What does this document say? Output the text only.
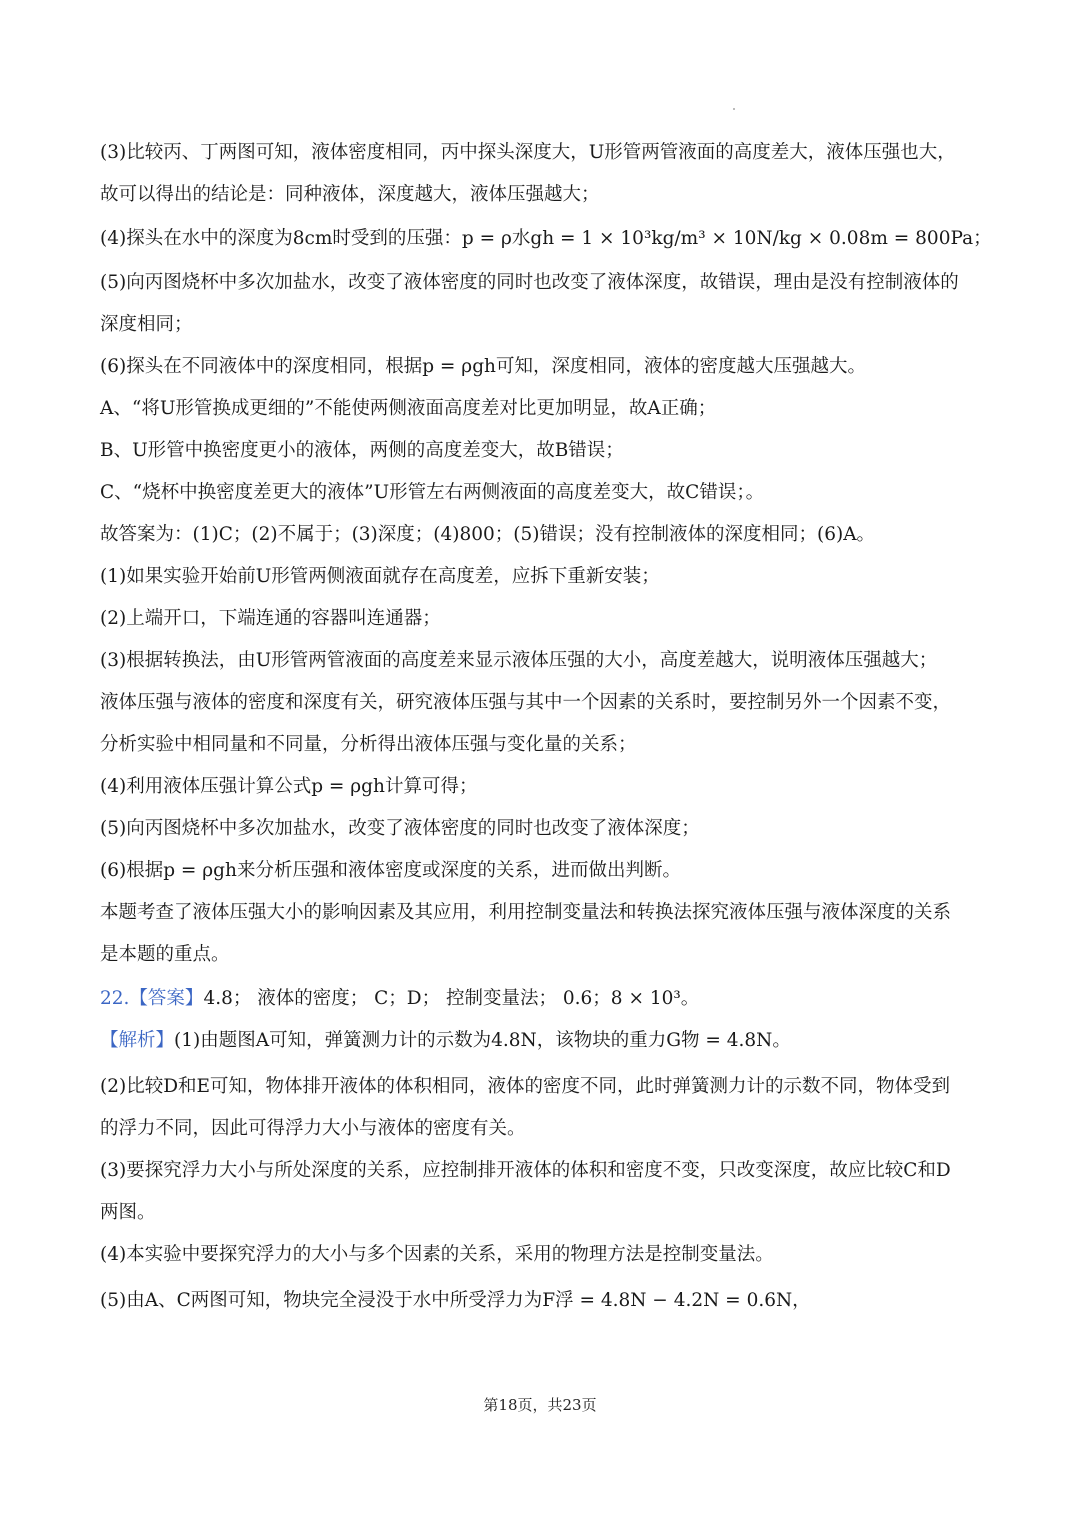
(3)比较丙、丁两图可知，液体密度相同，丙中探头深度大，U形管两管液面的高度差大，液体压强也大，

故可以得出的结论是：同种液体，深度越大，液体压强越大；

(4)探头在水中的深度为8cm时受到的压强：p = ρ水gh = 1 × 10³kg/m³ × 10N/kg × 0.08m = 800Pa；

(5)向丙图烧杯中多次加盐水，改变了液体密度的同时也改变了液体深度，故错误，理由是没有控制液体的

深度相同；

(6)探头在不同液体中的深度相同，根据p = ρgh可知，深度相同，液体的密度越大压强越大。

A、“将U形管换成更细的”不能使两侧液面高度差对比更加明显，故A正确；

B、U形管中换密度更小的液体，两侧的高度差变大，故B错误；

C、“烧杯中换密度差更大的液体”U形管左右两侧液面的高度差变大，故C错误；。

故答案为：(1)C；(2)不属于；(3)深度；(4)800；(5)错误；没有控制液体的深度相同；(6)A。

(1)如果实验开始前U形管两侧液面就存在高度差，应拆下重新安装；

(2)上端开口，下端连通的容器叫连通器；

(3)根据转换法，由U形管两管液面的高度差来显示液体压强的大小，高度差越大，说明液体压强越大；

液体压强与液体的密度和深度有关，研究液体压强与其中一个因素的关系时，要控制另外一个因素不变，

分析实验中相同量和不同量，分析得出液体压强与变化量的关系；

(4)利用液体压强计算公式p = ρgh计算可得；

(5)向丙图烧杯中多次加盐水，改变了液体密度的同时也改变了液体深度；

(6)根据p = ρgh来分析压强和液体密度或深度的关系，进而做出判断。

本题考查了液体压强大小的影响因素及其应用，利用控制变量法和转换法探究液体压强与液体深度的关系

是本题的重点。

22.【答案】4.8； 液体的密度； C；D； 控制变量法； 0.6；8 × 10³。

【解析】(1)由题图A可知，弹簧测力计的示数为4.8N，该物块的重力G物 = 4.8N。

(2)比较D和E可知，物体排开液体的体积相同，液体的密度不同，此时弹簧测力计的示数不同，物体受到

的浮力不同，因此可得浮力大小与液体的密度有关。

(3)要探究浮力大小与所处深度的关系，应控制排开液体的体积和密度不变，只改变深度，故应比较C和D

两图。

(4)本实验中要探究浮力的大小与多个因素的关系，采用的物理方法是控制变量法。

(5)由A、C两图可知，物块完全浸没于水中所受浮力为F浮 = 4.8N − 4.2N = 0.6N，

第18页，共23页
